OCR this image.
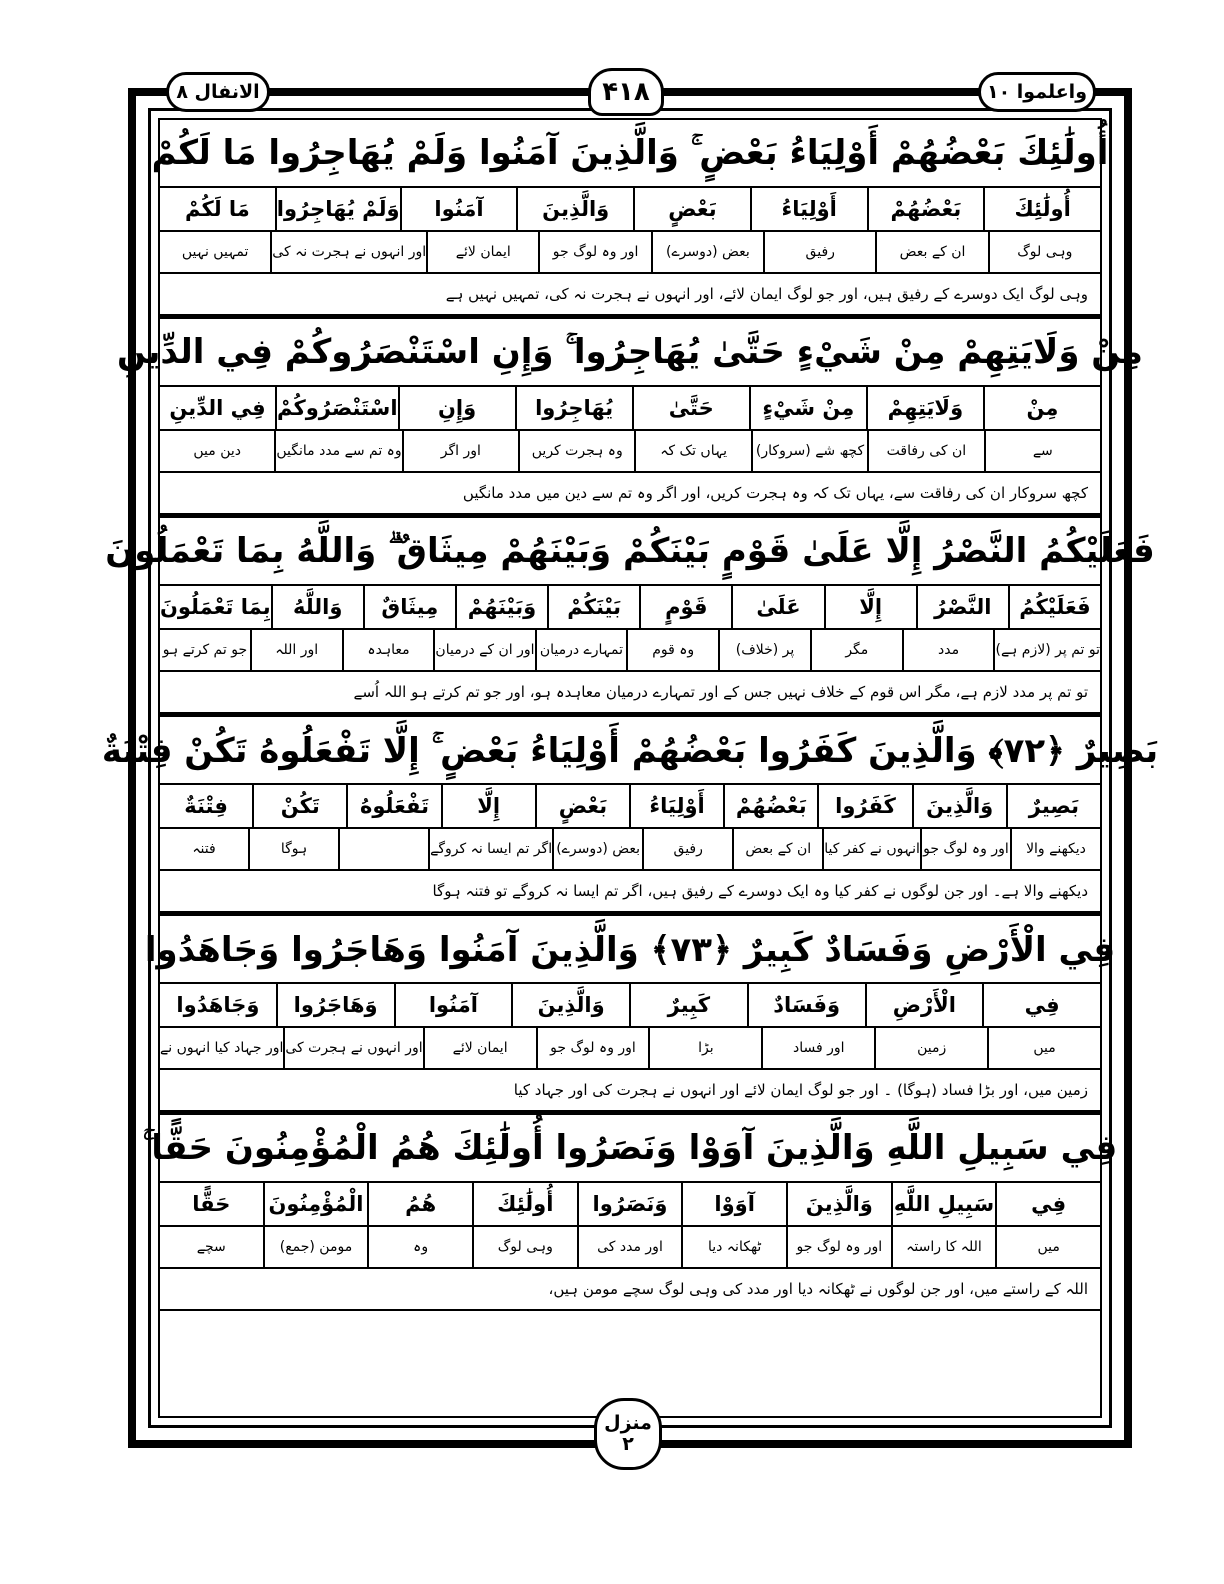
واعلموا ۱۰
۴۱۸
الانفال ۸
أُولَٰئِكَ بَعْضُهُمْ أَوْلِيَاءُ بَعْضٍ ۚ وَالَّذِينَ آمَنُوا وَلَمْ يُهَاجِرُوا مَا لَكُمْ
أُولَٰئِكَ
بَعْضُهُمْ
أَوْلِيَاءُ
بَعْضٍ
وَالَّذِينَ
آمَنُوا
وَلَمْ يُهَاجِرُوا
مَا لَكُمْ
وہی لوگ
ان کے بعض
رفیق
بعض (دوسرے)
اور وہ لوگ جو
ایمان لائے
اور انہوں نے ہجرت نہ کی
تمہیں نہیں
وہی لوگ ایک دوسرے کے رفیق ہیں، اور جو لوگ ایمان لائے، اور انہوں نے ہجرت نہ کی، تمہیں نہیں ہے
مِنْ وَلَايَتِهِمْ مِنْ شَيْءٍ حَتَّىٰ يُهَاجِرُوا ۚ وَإِنِ اسْتَنْصَرُوكُمْ فِي الدِّينِ
مِنْ
وَلَايَتِهِمْ
مِنْ شَيْءٍ
حَتَّىٰ
يُهَاجِرُوا
وَإِنِ
اسْتَنْصَرُوكُمْ
فِي الدِّينِ
سے
ان کی رفاقت
کچھ شے (سروکار)
یہاں تک کہ
وہ ہجرت کریں
اور اگر
وہ تم سے مدد مانگیں
دین میں
کچھ سروکار ان کی رفاقت سے، یہاں تک کہ وہ ہجرت کریں، اور اگر وہ تم سے دین میں مدد مانگیں
فَعَلَيْكُمُ النَّصْرُ إِلَّا عَلَىٰ قَوْمٍ بَيْنَكُمْ وَبَيْنَهُمْ مِيثَاقٌ ۗ وَاللَّهُ بِمَا تَعْمَلُونَ
فَعَلَيْكُمُ
النَّصْرُ
إِلَّا
عَلَىٰ
قَوْمٍ
بَيْنَكُمْ
وَبَيْنَهُمْ
مِيثَاقٌ
وَاللَّهُ
بِمَا تَعْمَلُونَ
تو تم پر (لازم ہے)
مدد
مگر
پر (خلاف)
وہ قوم
تمہارے درمیان
اور ان کے درمیان
معاہدہ
اور اللہ
جو تم کرتے ہو
تو تم پر مدد لازم ہے، مگر اس قوم کے خلاف نہیں جس کے اور تمہارے درمیان معاہدہ ہو، اور جو تم کرتے ہو اللہ اُسے
بَصِيرٌ ﴿٧٢﴾ وَالَّذِينَ كَفَرُوا بَعْضُهُمْ أَوْلِيَاءُ بَعْضٍ ۚ إِلَّا تَفْعَلُوهُ تَكُنْ فِتْنَةٌ
بَصِيرٌ
وَالَّذِينَ
كَفَرُوا
بَعْضُهُمْ
أَوْلِيَاءُ
بَعْضٍ
إِلَّا
تَفْعَلُوهُ
تَكُنْ
فِتْنَةٌ
دیکھنے والا
اور وہ لوگ جو
انہوں نے کفر کیا
ان کے بعض
رفیق
بعض (دوسرے)
اگر تم ایسا نہ کروگے
ہوگا
فتنہ
دیکھنے والا ہے۔ اور جن لوگوں نے کفر کیا وہ ایک دوسرے کے رفیق ہیں، اگر تم ایسا نہ کروگے تو فتنہ ہوگا
فِي الْأَرْضِ وَفَسَادٌ كَبِيرٌ ﴿٧٣﴾ وَالَّذِينَ آمَنُوا وَهَاجَرُوا وَجَاهَدُوا
فِي
الْأَرْضِ
وَفَسَادٌ
كَبِيرٌ
وَالَّذِينَ
آمَنُوا
وَهَاجَرُوا
وَجَاهَدُوا
میں
زمین
اور فساد
بڑا
اور وہ لوگ جو
ایمان لائے
اور انہوں نے ہجرت کی
اور جہاد کیا انہوں نے
زمین میں، اور بڑا فساد (ہوگا) ۔ اور جو لوگ ایمان لائے اور انہوں نے ہجرت کی اور جہاد کیا
فِي سَبِيلِ اللَّهِ وَالَّذِينَ آوَوْا وَنَصَرُوا أُولَٰئِكَ هُمُ الْمُؤْمِنُونَ حَقًّا ۚ
فِي
سَبِيلِ اللَّهِ
وَالَّذِينَ
آوَوْا
وَنَصَرُوا
أُولَٰئِكَ
هُمُ
الْمُؤْمِنُونَ
حَقًّا
میں
اللہ کا راستہ
اور وہ لوگ جو
ٹھکانہ دیا
اور مدد کی
وہی لوگ
وہ
مومن (جمع)
سچے
اللہ کے راستے میں، اور جن لوگوں نے ٹھکانہ دیا اور مدد کی وہی لوگ سچے مومن ہیں،
منزل
۲
